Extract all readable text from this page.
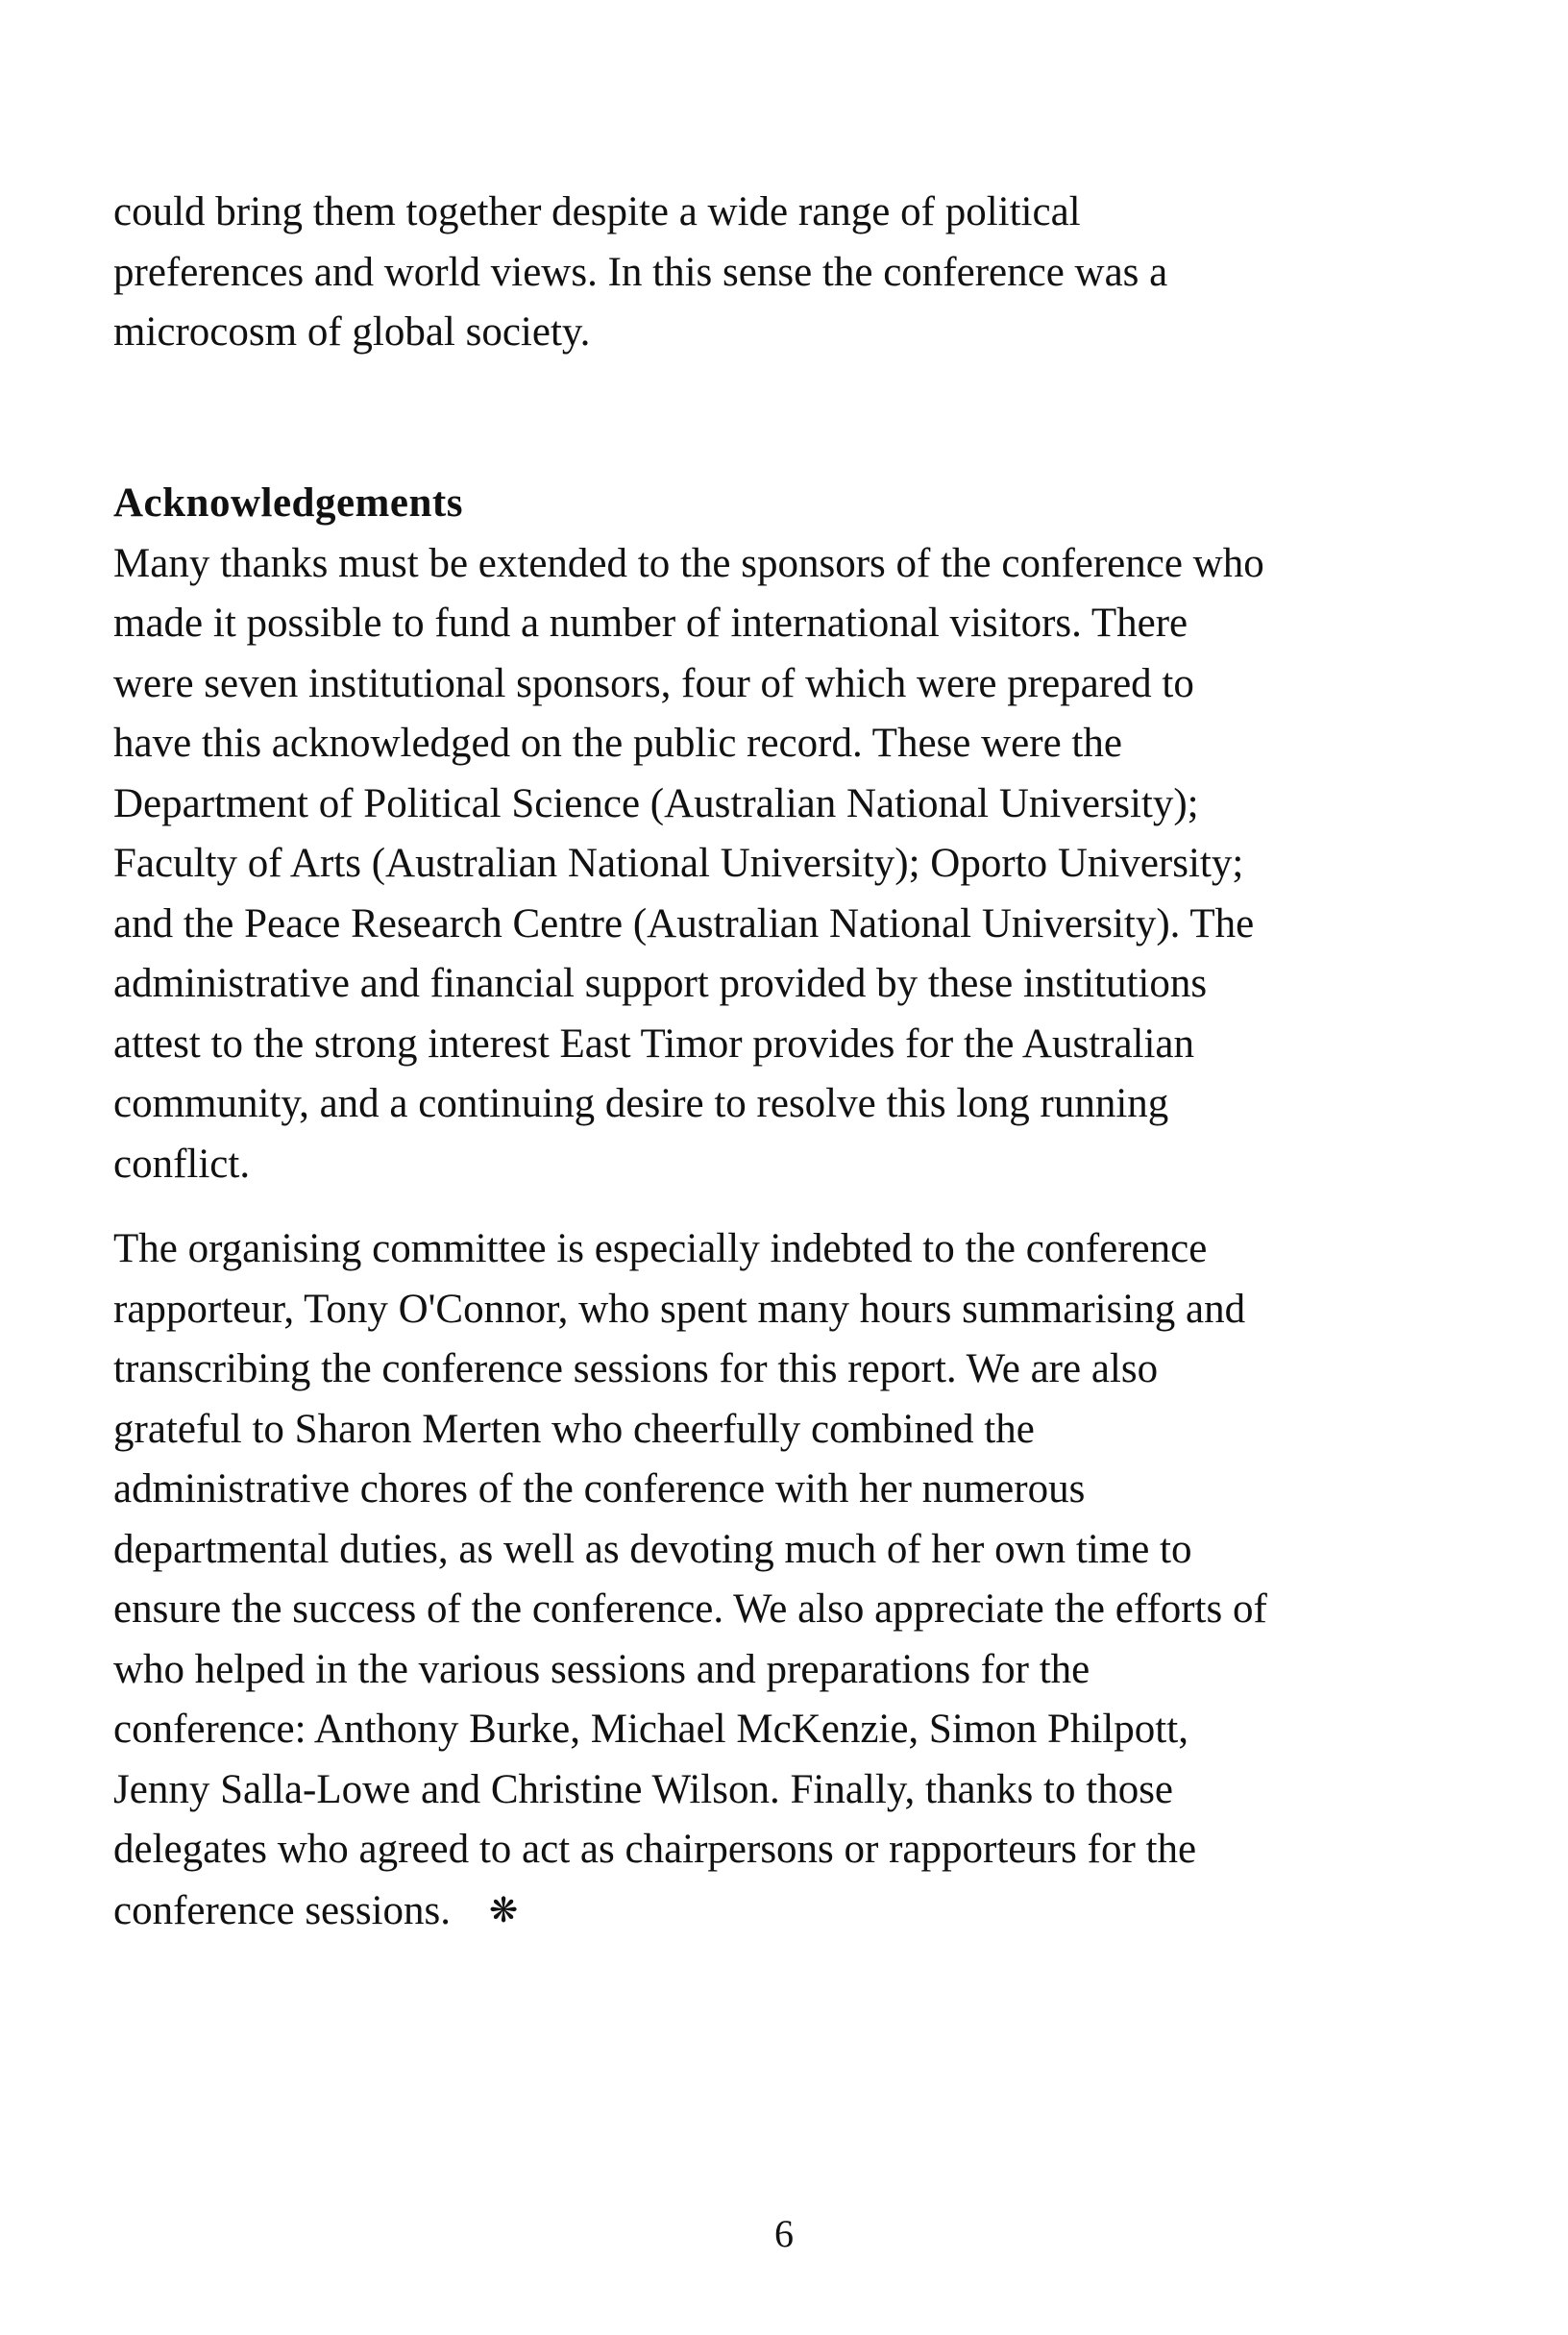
could bring them together despite a wide range of political
preferences and world views. In this sense the conference was a
microcosm of global society.
Acknowledgements
Many thanks must be extended to the sponsors of the conference who
made it possible to fund a number of international visitors. There
were seven institutional sponsors, four of which were prepared to
have this acknowledged on the public record. These were the
Department of Political Science (Australian National University);
Faculty of Arts (Australian National University); Oporto University;
and the Peace Research Centre (Australian National University). The
administrative and financial support provided by these institutions
attest to the strong interest East Timor provides for the Australian
community, and a continuing desire to resolve this long running
conflict.
The organising committee is especially indebted to the conference
rapporteur, Tony O'Connor, who spent many hours summarising and
transcribing the conference sessions for this report. We are also
grateful to Sharon Merten who cheerfully combined the
administrative chores of the conference with her numerous
departmental duties, as well as devoting much of her own time to
ensure the success of the conference. We also appreciate the efforts of
who helped in the various sessions and preparations for the
conference: Anthony Burke, Michael McKenzie, Simon Philpott,
Jenny Salla-Lowe and Christine Wilson. Finally, thanks to those
delegates who agreed to act as chairpersons or rapporteurs for the
conference sessions. ❋
6
